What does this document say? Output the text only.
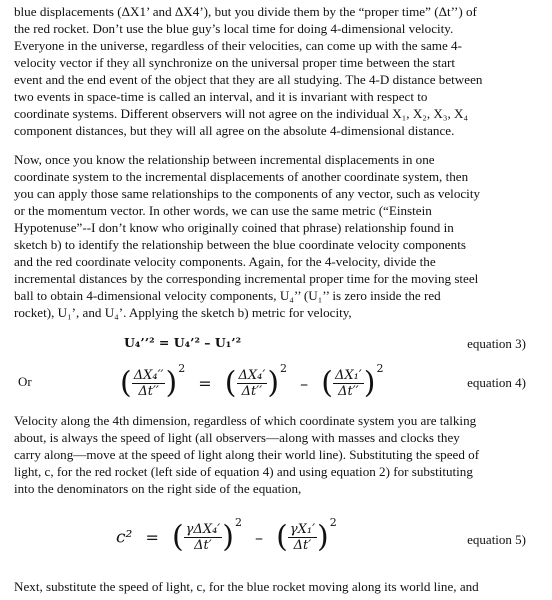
blue displacements (ΔX1’ and ΔX4’), but you divide them by the “proper time” (Δt’’) of
the red rocket. Don’t use the blue guy’s local time for doing 4-dimensional velocity.
Everyone in the universe, regardless of their velocities, can come up with the same 4-
velocity vector if they all synchronize on the universal proper time between the start
event and the end event of the object that they are all studying. The 4-D distance between
two events in space-time is called an interval, and it is invariant with respect to
coordinate systems. Different observers will not agree on the individual X₁, X₂, X₃, X₄
component distances, but they will all agree on the absolute 4-dimensional distance.

Now, once you know the relationship between incremental displacements in one
coordinate system to the incremental displacements of another coordinate system, then
you can apply those same relationships to the components of any vector, such as velocity
or the momentum vector. In other words, we can use the same metric (“Einstein
Hypotenuse”--I don’t know who originally coined that phrase) relationship found in
sketch b) to identify the relationship between the blue coordinate velocity components
and the red coordinate velocity components. Again, for the 4-velocity, divide the
incremental distances by the corresponding incremental proper time for the moving steel
ball to obtain 4-dimensional velocity components, U₄’’ (U₁’’ is zero inside the red
rocket), U₁’, and U₄’. Applying the sketch b) metric for velocity,

U₄’’² = U₄’² – U₁’²	equation 3)
Or	( $\frac{\text{ΔX₄′′}}{\Delta t''} )^2$ = ( $\frac{\text{ΔX₄′}}{\Delta t''} )^2$ – ( $\frac{\text{ΔX₁′}}{\Delta t''} )^2$
equation 4)

Velocity along the 4th dimension, regardless of which coordinate system you are talking
about, is always the speed of light (all observers—along with masses and clocks they
carry along—move at the speed of light along their world line). Substituting the speed of
light, c, for the red rocket (left side of equation 4) and using equation 2) for substituting
into the denominators on the right side of the equation,

c² = ( $\frac{\text{γΔX₄′}}{\Delta t'} )^2$ – ( $\frac{\text{γX₁′}}{\Delta t'} )^2$
equation 5)

Next, substitute the speed of light, c, for the blue rocket moving along its world line, and
